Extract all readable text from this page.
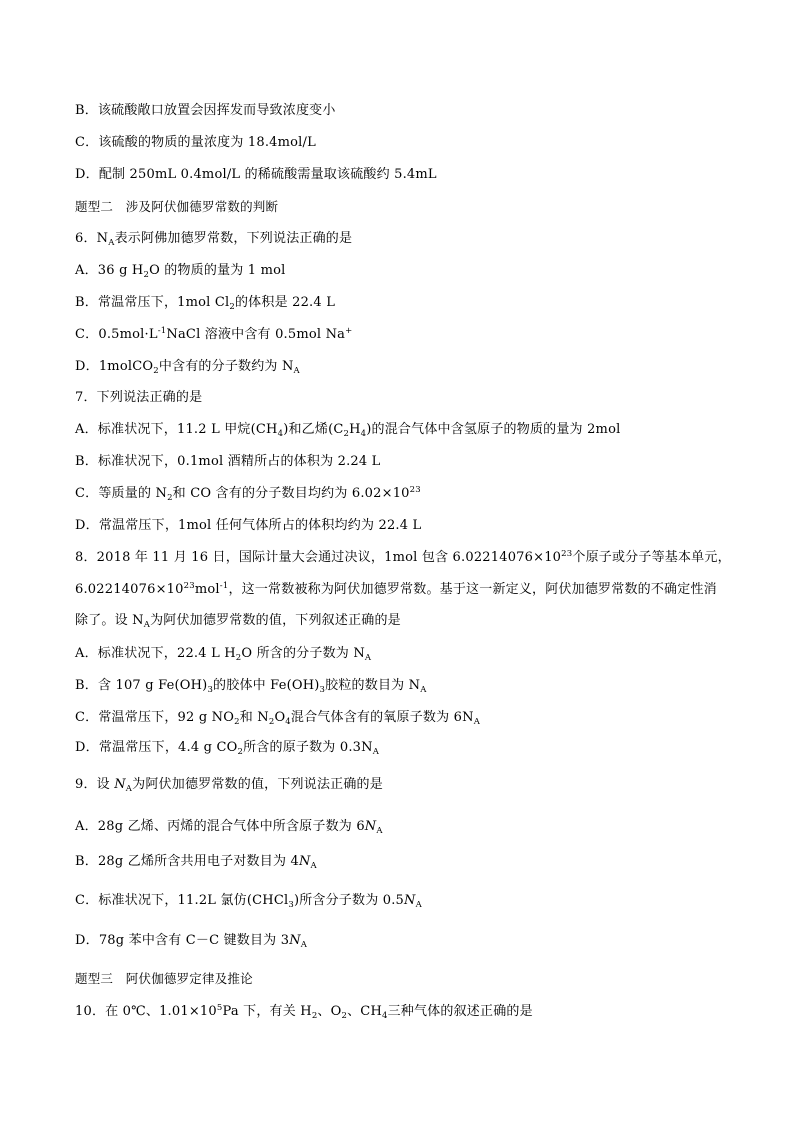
B．该硫酸敞口放置会因挥发而导致浓度变小
C．该硫酸的物质的量浓度为 18.4mol/L
D．配制 250mL 0.4mol/L 的稀硫酸需量取该硫酸约 5.4mL
题型二　涉及阿伏伽德罗常数的判断
6．$N_A$表示阿佛加德罗常数，下列说法正确的是
A．36 g $H_2O$ 的物质的量为 1 mol
B．常温常压下，1mol $Cl_2$的体积是 22.4 L
C．$0.5mol\cdot L^{-1}NaCl$ 溶液中含有 0.5mol Na+
D．1molCO$_2$中含有的分子数约为 $N_A$
7．下列说法正确的是
A．标准状况下，11.2 L 甲烷$(CH_4)$和乙烯$(C_2H_4)$的混合气体中含氢原子的物质的量为 2mol
B．标准状况下，0.1mol 酒精所占的体积为 2.24 L
C．等质量的 $N_2$和 CO 含有的分子数目均约为 $6.02\times 10^{23}$
D．常温常压下，1mol 任何气体所占的体积均约为 22.4 L
8．2018 年 11 月 16 日，国际计量大会通过决议，1mol 包含 $6.02214076\times 10^{23}$个原子或分子等基本单元，
$6.02214076\times 10^{23}mol^{-1}$，这一常数被称为阿伏加德罗常数。基于这一新定义，阿伏加德罗常数的不确定性消
除了。设 $N_A$为阿伏加德罗常数的值，下列叙述正确的是
A．标准状况下，22.4 L $H_2O$ 所含的分子数为 $N_A$
B．含 107 g $Fe(OH)_3$的胶体中 $Fe(OH)_3$胶粒的数目为 $N_A$
C．常温常压下，92 g $NO_2$和 $N_2O_4$混合气体含有的氧原子数为 $6N_A$
D．常温常压下，4.4 g $CO_2$所含的原子数为 $0.3N_A$
9．设 $N_A$为阿伏加德罗常数的值，下列说法正确的是
A．28g 乙烯、丙烯的混合气体中所含原子数为 $6N_A$
B．28g 乙烯所含共用电子对数目为 $4N_A$
C．标准状况下，11.2L 氯仿(CHCl$_3$)所含分子数为 $0.5N_A$
D．78g 苯中含有 C－C 键数目为 $3N_A$
题型三　阿伏伽德罗定律及推论
10．在 0℃、$1.01\times 10^5Pa$ 下，有关 $H_2$、$O_2$、$CH_4$三种气体的叙述正确的是
